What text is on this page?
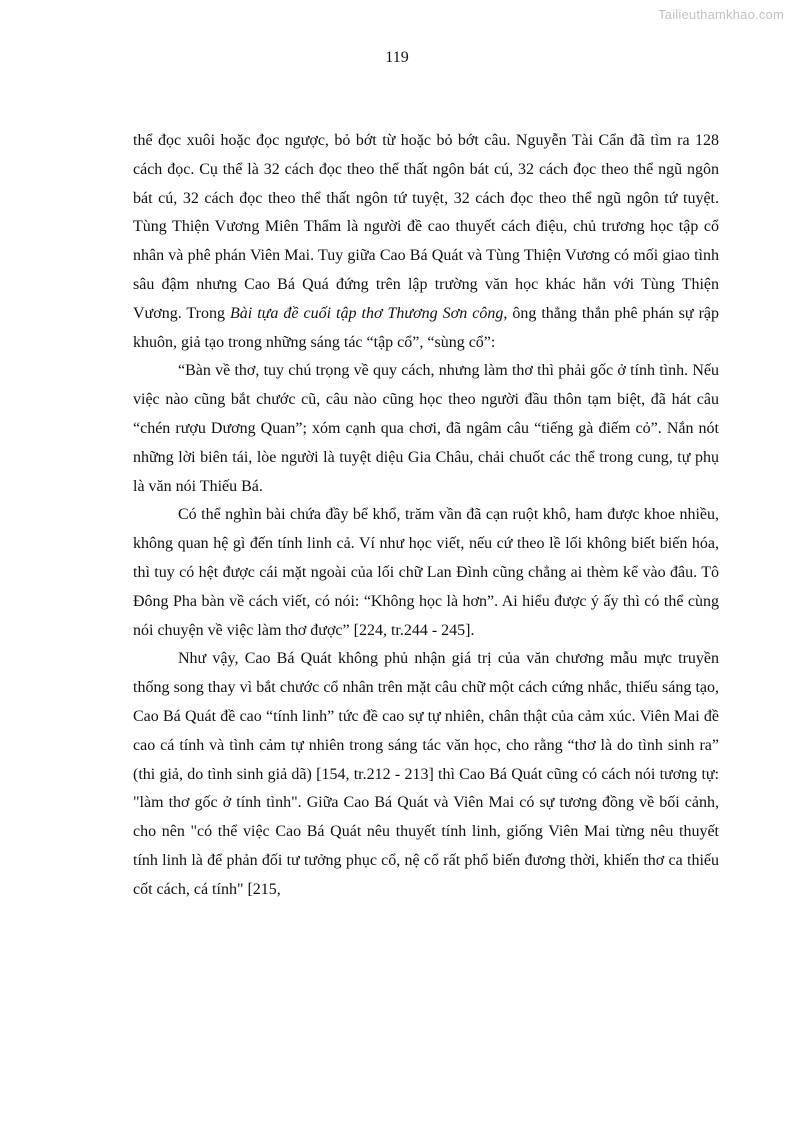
Tailieuthamkhao.com
119

thể đọc xuôi hoặc đọc ngược, bỏ bớt từ hoặc bỏ bớt câu. Nguyễn Tài Cẩn đã tìm ra 128 cách đọc. Cụ thể là 32 cách đọc theo thể thất ngôn bát cú, 32 cách đọc theo thể ngũ ngôn bát cú, 32 cách đọc theo thể thất ngôn tứ tuyệt, 32 cách đọc theo thể ngũ ngôn tứ tuyệt. Tùng Thiện Vương Miên Thẩm là người đề cao thuyết cách điệu, chủ trương học tập cổ nhân và phê phán Viên Mai. Tuy giữa Cao Bá Quát và Tùng Thiện Vương có mối giao tình sâu đậm nhưng Cao Bá Quá đứng trên lập trường văn học khác hẳn với Tùng Thiện Vương. Trong Bài tựa đề cuối tập thơ Thương Sơn công, ông thẳng thắn phê phán sự rập khuôn, giả tạo trong những sáng tác “tập cổ”, “sùng cổ”:

“Bàn về thơ, tuy chú trọng về quy cách, nhưng làm thơ thì phải gốc ở tính tình. Nếu việc nào cũng bắt chước cũ, câu nào cũng học theo người đầu thôn tạm biệt, đã hát câu “chén rượu Dương Quan”; xóm cạnh qua chơi, đã ngâm câu “tiếng gà điếm cỏ”. Nắn nót những lời biên tái, lòe người là tuyệt diệu Gia Châu, chải chuốt các thể trong cung, tự phụ là văn nói Thiếu Bá.

Có thể nghìn bài chứa đầy bể khổ, trăm vần đã cạn ruột khô, ham được khoe nhiều, không quan hệ gì đến tính linh cả. Ví như học viết, nếu cứ theo lề lối không biết biến hóa, thì tuy có hệt được cái mặt ngoài của lối chữ Lan Đình cũng chẳng ai thèm kể vào đâu. Tô Đông Pha bàn về cách viết, có nói: “Không học là hơn”. Ai hiểu được ý ấy thì có thể cùng nói chuyện về việc làm thơ được” [224, tr.244 - 245].

Như vậy, Cao Bá Quát không phủ nhận giá trị của văn chương mẫu mực truyền thống song thay vì bắt chước cổ nhân trên mặt câu chữ một cách cứng nhắc, thiếu sáng tạo, Cao Bá Quát đề cao “tính linh” tức đề cao sự tự nhiên, chân thật của cảm xúc. Viên Mai đề cao cá tính và tình cảm tự nhiên trong sáng tác văn học, cho rằng “thơ là do tình sinh ra” (thi giả, do tình sinh giả dã) [154, tr.212 - 213] thì Cao Bá Quát cũng có cách nói tương tự: "làm thơ gốc ở tính tình". Giữa Cao Bá Quát và Viên Mai có sự tương đồng về bối cảnh, cho nên "có thể việc Cao Bá Quát nêu thuyết tính linh, giống Viên Mai từng nêu thuyết tính linh là để phản đối tư tưởng phục cổ, nệ cổ rất phổ biến đương thời, khiến thơ ca thiếu cốt cách, cá tính" [215,
